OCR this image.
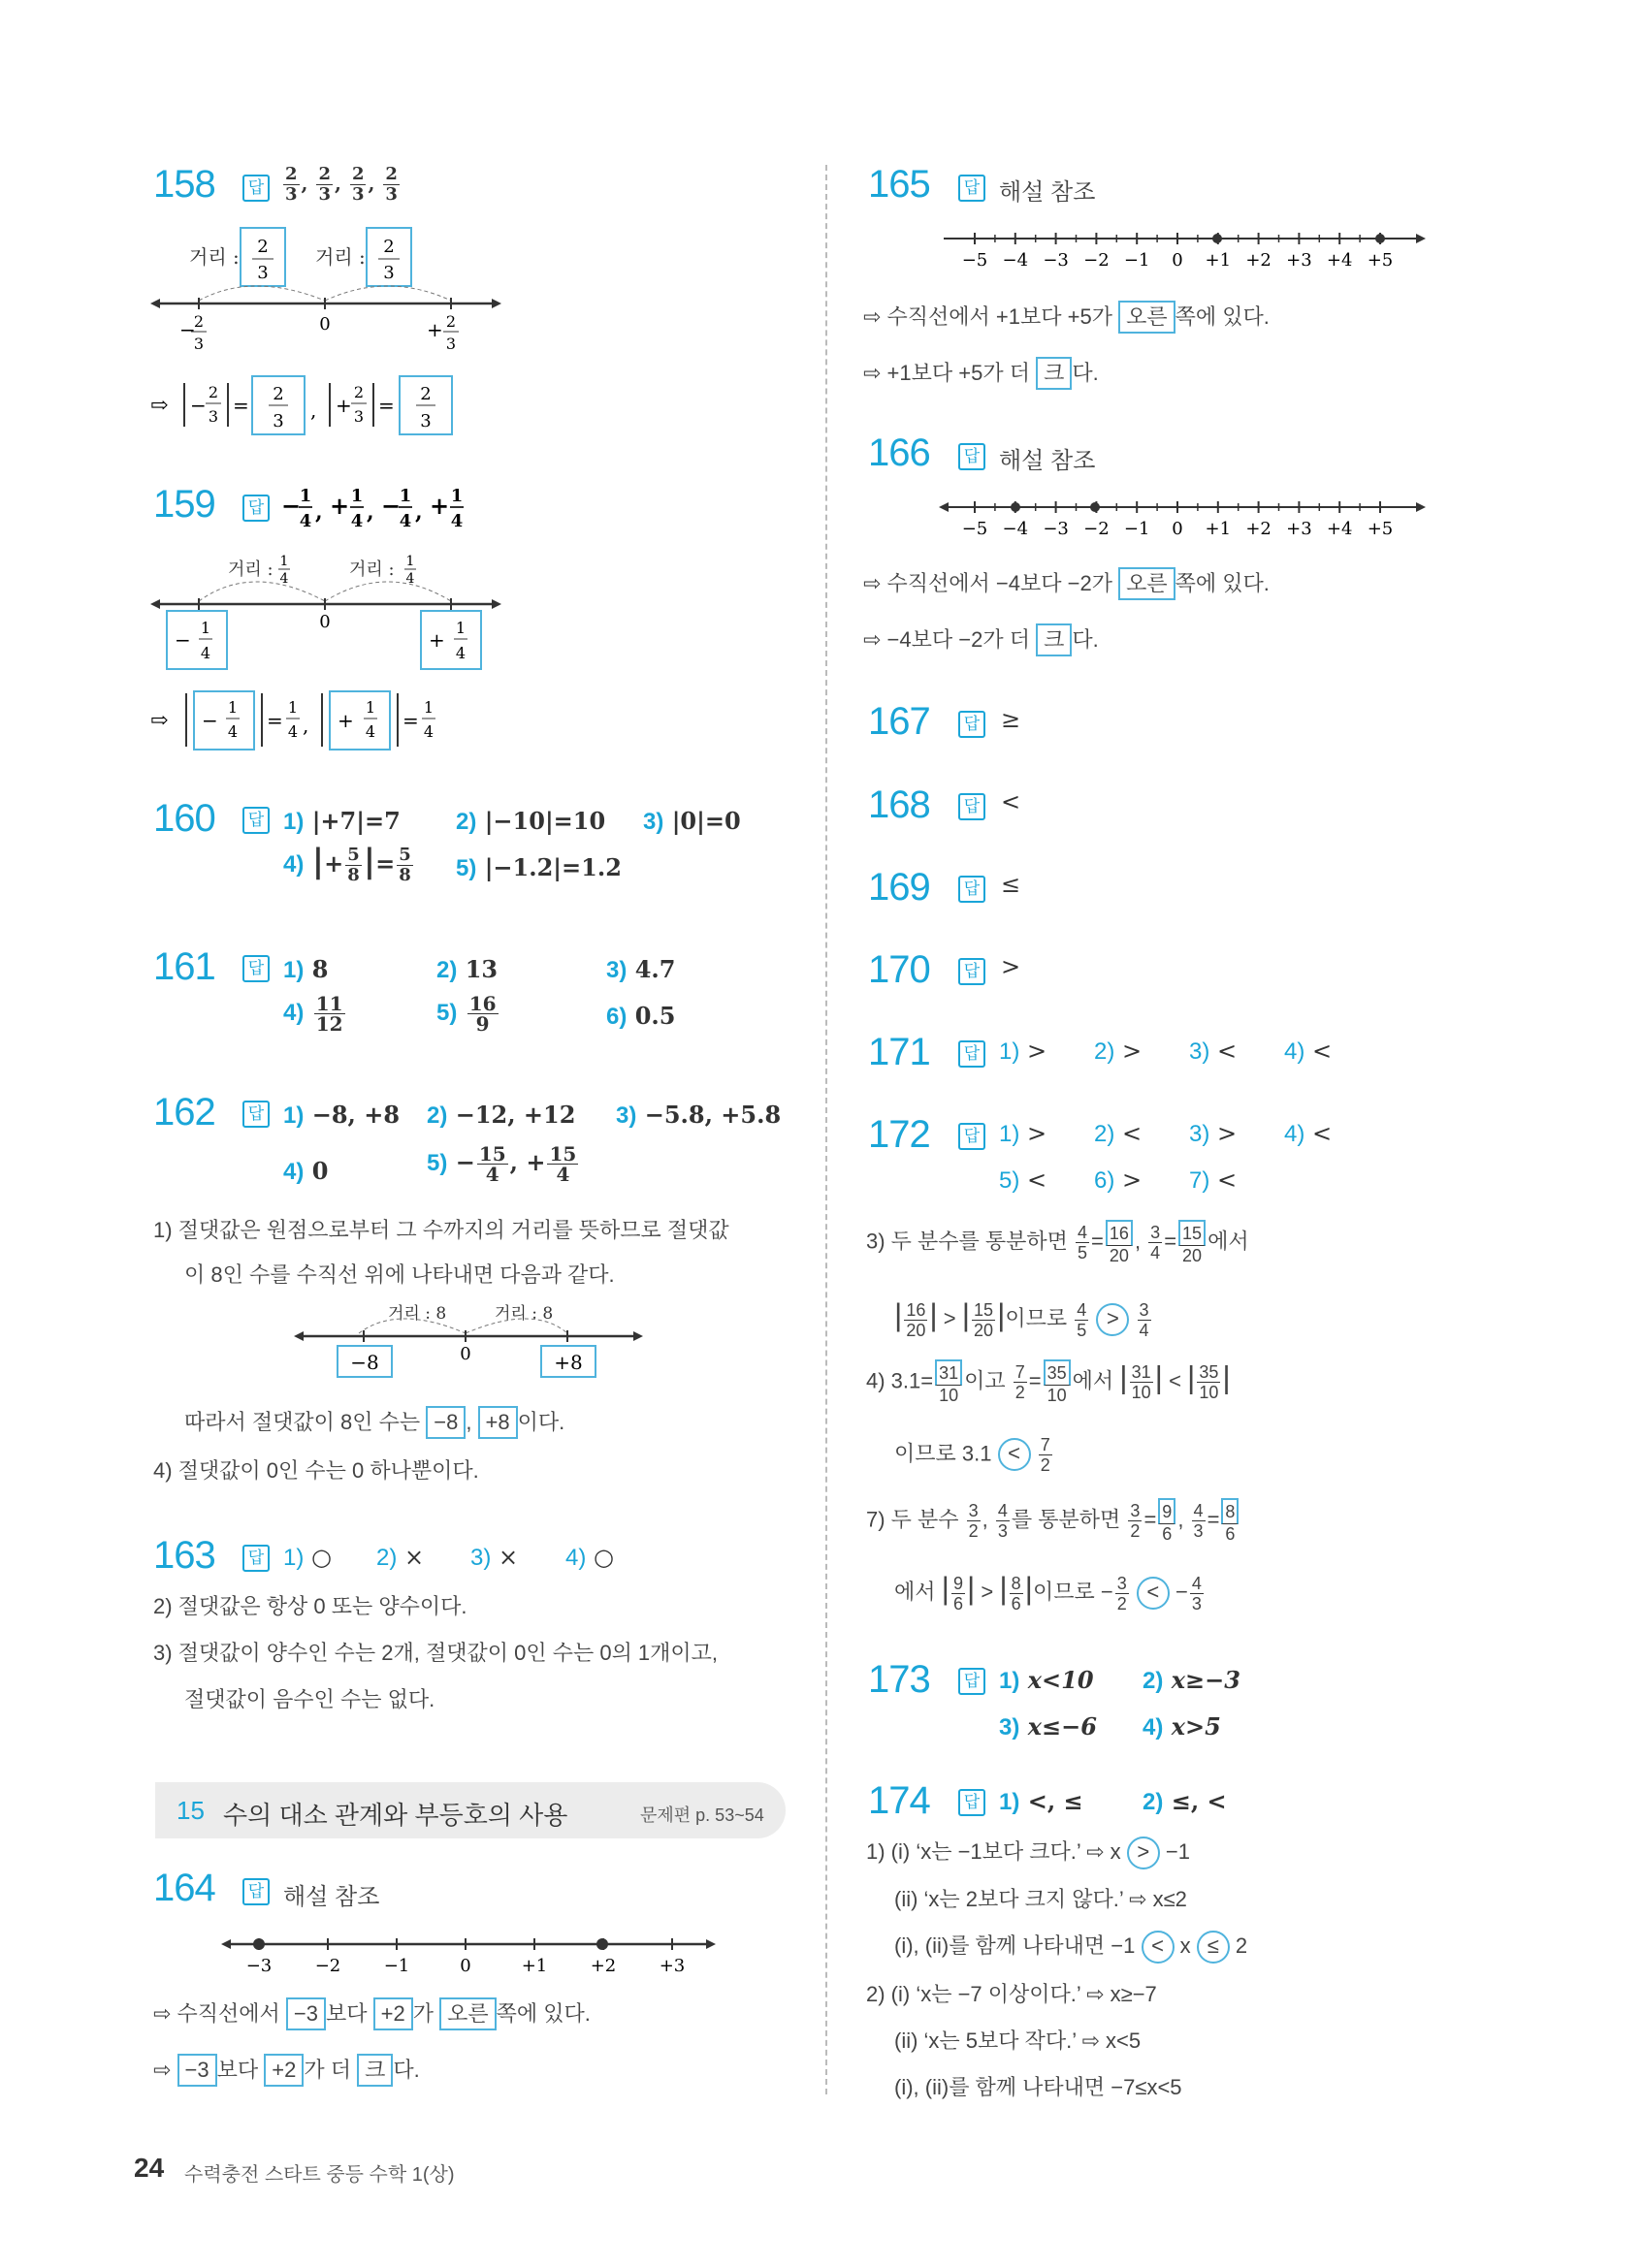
158	답	$\frac{2}{3}$ , $\frac{2}{3}$ , $\frac{2}{3}$ , $\frac{2}{3}$
거리 : 2
3
거리 : 2
3
0
−
2
3
+ 2
3
⇨ −
2
3 = 2
3 , +
2
3 = 2
3
159	답 −
1
4 , + 1
4 , −
1
4 , + 1
4
거리 : 1
4	거리 : 1
4
0
−
1
4
+
1
4
⇨ −
1
4 =
1
4 , +
1
4 =
1
4
160	답 1) |+7|=7 2) |−10|=10 3) |0|=0
4) |+ $\frac{5}{8}$ |= $\frac{5}{8} 5$) |−1.2|=1.2
161	답 1) 8	2) 13	3) 4.7
$4) \frac{11}{12}$	$5) \frac{16}{9}$	6) 0.5
162	답 1) −8, +8 2) −12, +12 3) −5.8, +5.8
4) 0	$5) - \frac{15}{4}$ , + $\frac{15}{4}$
1) 절댓값은 원점으로부터 그 수까지의 거리를 뜻하므로 절댓값
이 8인 수를 수직선 위에 나타내면 다음과 같다.
거리 : 8	거리 : 8
0
−8	+8
따라서 절댓값이 8인 수는 −8 , +8 이다.
4) 절댓값이 0인 수는 0 하나뿐이다.
163	답 1) ○ 2) × 3) × 4) ○
2) 절댓값은 항상 0 또는 양수이다.
3) 절댓값이 양수인 수는 2개, 절댓값이 0인 수는 0의 1개이고,
절댓값이 음수인 수는 없다.
15 수의 대소 관계와 부등호의 사용	문제편 p. 53~54
164	답 해설 참조
−3 −2 −1	0	+1 +2 +3
⇨ 수직선에서 −3 보다 +2 가 오른 쪽에 있다.
⇨ −3 보다 +2 가 더 크 다.
165	답 해설 참조
−5 −4 −3 −2 −1 0 +1 +2 +3 +4 +5
⇨ 수직선에서 +1보다 +5가 오른 쪽에 있다.
⇨ +1보다 +5가 더 크 다.
166	답 해설 참조
−5 −4 −3 −2 −1 0 +1 +2 +3 +4 +5
⇨ 수직선에서 −4보다 −2가 오른 쪽에 있다.
⇨ −4보다 −2가 더 크 다.
167	답 ≥
168	답 <
169	답 ≤
170	답 >
171	답 1) > 2) > 3) < 4) <
172	답 1) > 2) < 3) > 4) <
5) < 6) > 7) <
3) 두 분수를 통분하면 $\frac{4}{5} = \frac{16}{20}$ , $\frac{3}{4} = \frac{15}{20}$ 에서
| $\frac{16}{20}$ | > | $\frac{15}{20}$ |이므로 $\frac{4}{5} > \frac{3}{4}$
4) $3.1= \frac{31}{10}$ 이고 $\frac{7}{2} = \frac{35}{10}$ 에서 | $\frac{31}{10}$ | < | $\frac{35}{10}$ |
이므로 $3.1 < \frac{7}{2}$
7) 두 분수 $\frac{3}{2}$ , $\frac{4}{3}$ 를 통분하면 $\frac{3}{2} = \frac{9}{6}$ , $\frac{4}{3} = \frac{8}{6}$
에서 | $\frac{9}{6}$ | > | $\frac{8}{6}$ |이므로 − $\frac{3}{2}$ < − $\frac{4}{3}$
173	답 1) x<10 2) x≥−3
3) x≤−6 4) x>5
174	답 1) <, ≤	2) ≤, <
1) (i) ‘x는 −1보다 크다.’ ⇨ x > −1
(ii) ‘x는 2보다 크지 않다.’ ⇨ x≤2
(i), (ii)를 함께 나타내면 −1 < x ≤ 2
2) (i) ‘x는 −7 이상이다.’ ⇨ x≥−7
(ii) ‘x는 5보다 작다.’ ⇨ x<5
(i), (ii)를 함께 나타내면 −7≤x<5
24 수력충전 스타트 중등 수학 1(상)
